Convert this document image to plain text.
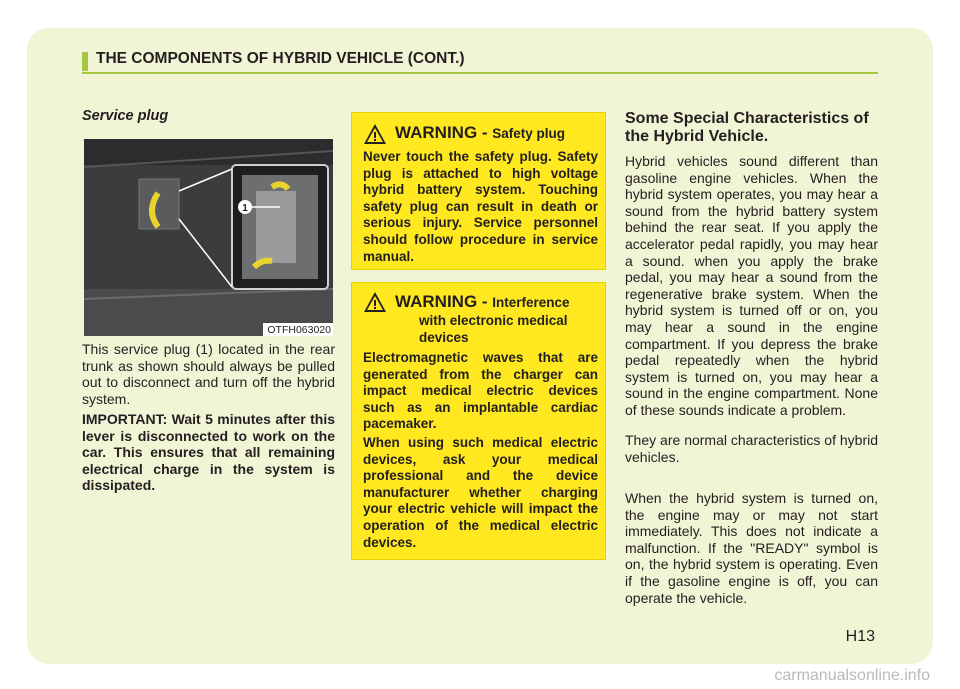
THE COMPONENTS OF HYBRID VEHICLE (CONT.)

Service plug

This service plug (1) located in the rear trunk as shown should always be pulled out to disconnect and turn off the hybrid system.

IMPORTANT: Wait 5 minutes after this lever is disconnected to work on the car. This ensures that all remaining electrical charge in the system is dissipated.

1
OTFH063020
WARNING - Safety plug

Never touch the safety plug. Safety plug is attached to high voltage hybrid battery system. Touching safety plug can result in death or serious injury. Service personnel should follow procedure in service manual.

WARNING - Interference
with electronic medical
devices

Electromagnetic waves that are generated from the charger can impact medical electric devices such as an implantable cardiac pacemaker.

When using such medical electric devices, ask your medical professional and the device manufacturer whether charging your electric vehicle will impact the operation of the medical electric devices.

Some Special Characteristics of the Hybrid Vehicle.

Hybrid vehicles sound different than gasoline engine vehicles. When the hybrid system operates, you may hear a sound from the hybrid battery system behind the rear seat. If you apply the accelerator pedal rapidly, you may hear a sound. when you apply the brake pedal, you may hear a sound from the regenerative brake system. When the hybrid system is turned off or on, you may hear a sound in the engine compartment. If you depress the brake pedal repeatedly when the hybrid system is turned on, you may hear a sound in the engine compartment. None of these sounds indicate a problem.

They are normal characteristics of hybrid vehicles.

When the hybrid system is turned on, the engine may or may not start immediately. This does not indicate a malfunction. If the "READY" symbol is on, the hybrid system is operating. Even if the gasoline engine is off, you can operate the vehicle.

H13
carmanualsonline.info
